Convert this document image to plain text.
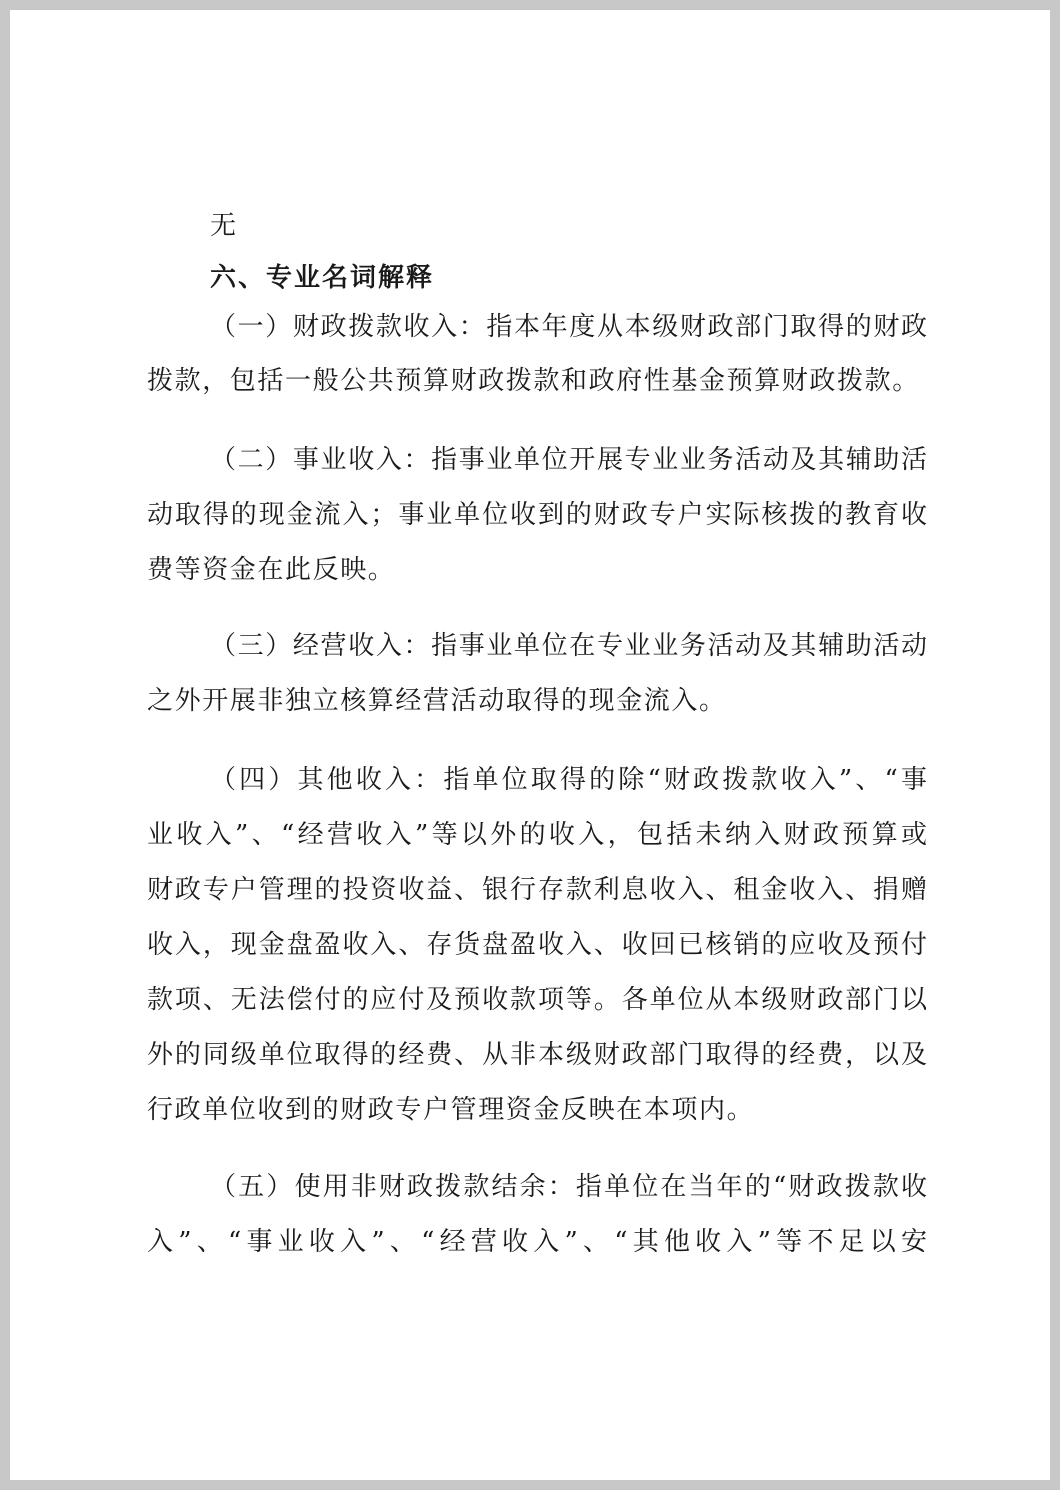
无
六、专业名词解释
（一）财政拨款收入：指本年度从本级财政部门取得的财政
拨款，包括一般公共预算财政拨款和政府性基金预算财政拨款。
（二）事业收入：指事业单位开展专业业务活动及其辅助活
动取得的现金流入；事业单位收到的财政专户实际核拨的教育收
费等资金在此反映。
（三）经营收入：指事业单位在专业业务活动及其辅助活动
之外开展非独立核算经营活动取得的现金流入。
（四）其他收入：指单位取得的除“财政拨款收入”、“事
业收入”、“经营收入”等以外的收入，包括未纳入财政预算或
财政专户管理的投资收益、银行存款利息收入、租金收入、捐赠
收入，现金盘盈收入、存货盘盈收入、收回已核销的应收及预付
款项、无法偿付的应付及预收款项等。各单位从本级财政部门以
外的同级单位取得的经费、从非本级财政部门取得的经费，以及
行政单位收到的财政专户管理资金反映在本项内。
（五）使用非财政拨款结余：指单位在当年的“财政拨款收
入”、“事业收入”、“经营收入”、“其他收入”等不足以安
